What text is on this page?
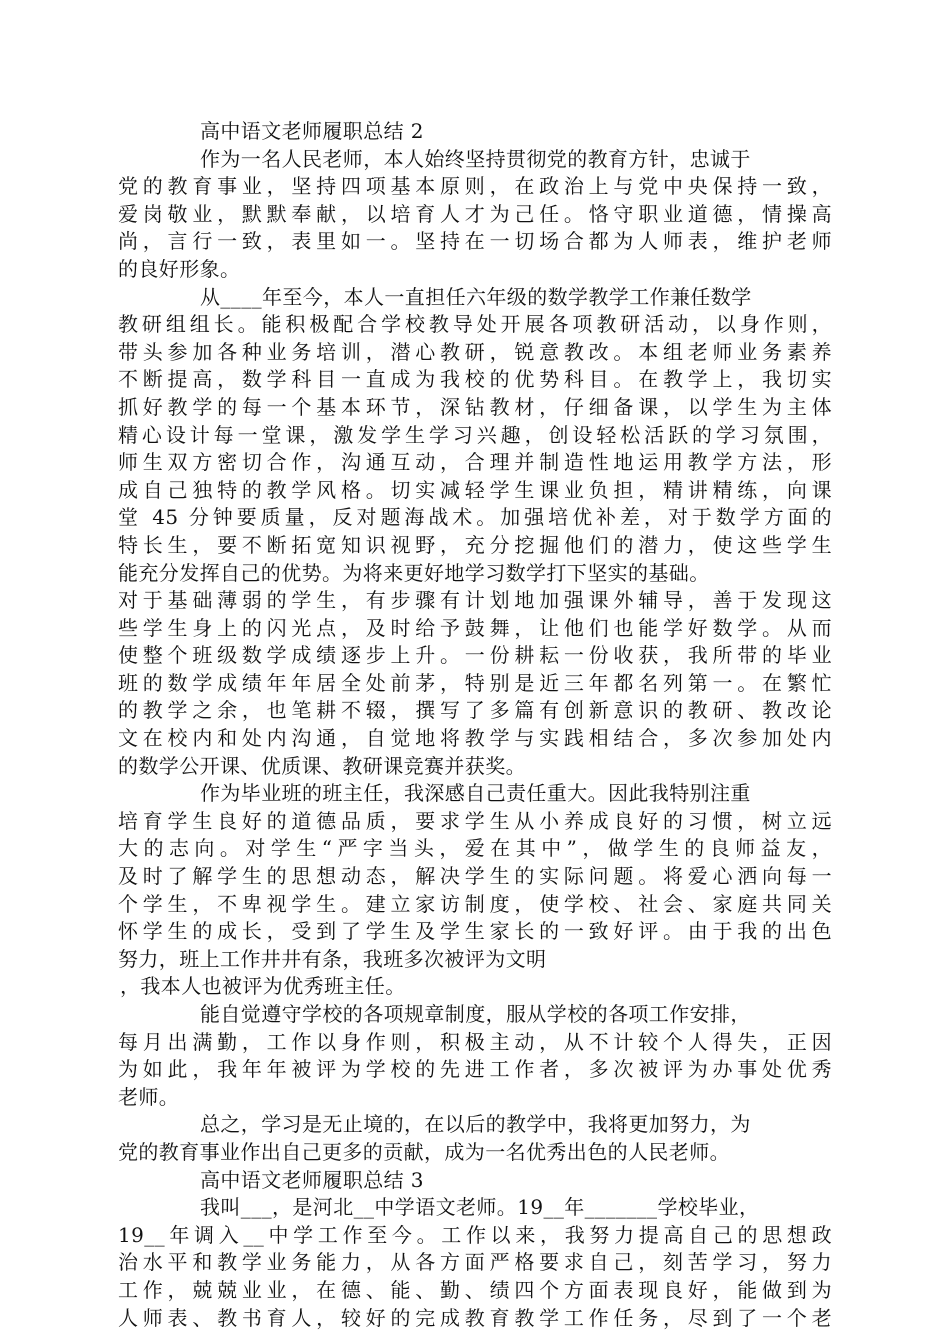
高中语文老师履职总结 2
作为一名人民老师，本人始终坚持贯彻党的教育方针，忠诚于
党的教育事业，坚持四项基本原则，在政治上与党中央保持一致，
爱岗敬业，默默奉献，以培育人才为己任。恪守职业道德，情操高
尚，言行一致，表里如一。坚持在一切场合都为人师表，维护老师
的良好形象。
从____年至今，本人一直担任六年级的数学教学工作兼任数学
教研组组长。能积极配合学校教导处开展各项教研活动，以身作则，
带头参加各种业务培训，潜心教研，锐意教改。本组老师业务素养
不断提高，数学科目一直成为我校的优势科目。在教学上，我切实
抓好教学的每一个基本环节，深钻教材，仔细备课，以学生为主体
精心设计每一堂课，激发学生学习兴趣，创设轻松活跃的学习氛围，
师生双方密切合作，沟通互动，合理并制造性地运用教学方法，形
成自己独特的教学风格。切实减轻学生课业负担，精讲精练，向课
堂 45 分钟要质量，反对题海战术。加强培优补差，对于数学方面的
特长生，要不断拓宽知识视野，充分挖掘他们的潜力，使这些学生
能充分发挥自己的优势。为将来更好地学习数学打下坚实的基础。
对于基础薄弱的学生，有步骤有计划地加强课外辅导，善于发现这
些学生身上的闪光点，及时给予鼓舞，让他们也能学好数学。从而
使整个班级数学成绩逐步上升。一份耕耘一份收获，我所带的毕业
班的数学成绩年年居全处前茅，特别是近三年都名列第一。在繁忙
的教学之余，也笔耕不辍，撰写了多篇有创新意识的教研、教改论
文在校内和处内沟通，自觉地将教学与实践相结合，多次参加处内
的数学公开课、优质课、教研课竞赛并获奖。
作为毕业班的班主任，我深感自己责任重大。因此我特别注重
培育学生良好的道德品质，要求学生从小养成良好的习惯，树立远
大的志向。对学生“严字当头，爱在其中”，做学生的良师益友，
及时了解学生的思想动态，解决学生的实际问题。将爱心洒向每一
个学生，不卑视学生。建立家访制度，使学校、社会、家庭共同关
怀学生的成长，受到了学生及学生家长的一致好评。由于我的出色
努力，班上工作井井有条，我班多次被评为文明
，我本人也被评为优秀班主任。
能自觉遵守学校的各项规章制度，服从学校的各项工作安排，
每月出满勤，工作以身作则，积极主动，从不计较个人得失，正因
为如此，我年年被评为学校的先进工作者，多次被评为办事处优秀
老师。
总之，学习是无止境的，在以后的教学中，我将更加努力，为
党的教育事业作出自己更多的贡献，成为一名优秀出色的人民老师。
高中语文老师履职总结 3
我叫___，是河北__中学语文老师。19__年_______学校毕业，
19__年调入__中学工作至今。工作以来，我努力提高自己的思想政
治水平和教学业务能力，从各方面严格要求自己，刻苦学习，努力
工作，兢兢业业，在德、能、勤、绩四个方面表现良好，能做到为
人师表、教书育人，较好的完成教育教学工作任务，尽到了一个老
